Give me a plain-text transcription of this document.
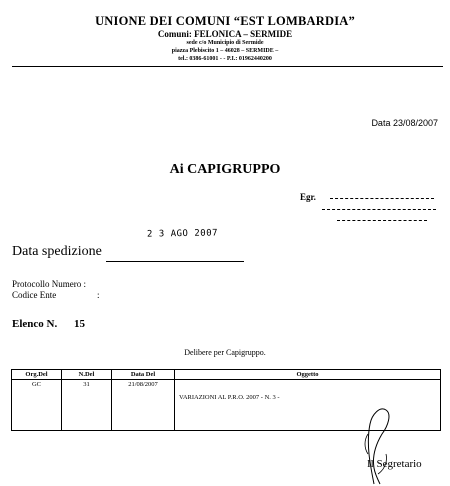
UNIONE DEI COMUNI “EST LOMBARDIA”
Comuni: FELONICA – SERMIDE
sede c/o Municipio di Sermide
piazza Plebiscito 1 – 46028 – SERMIDE –
tel.: 0386-61001 - - P.I.: 01962440200
Data 23/08/2007
Ai CAPIGRUPPO
Egr.
2 3 AGO 2007
Data spedizione
Protocollo Numero :
Codice Ente	:
Elenco N. 15
Delibere per Capigruppo.
Org.Del	N.Del	Data Del	Oggetto
GC	31	21/08/2007	VARIAZIONI AL P.R.O. 2007 - N. 3 -
Il Segretario
